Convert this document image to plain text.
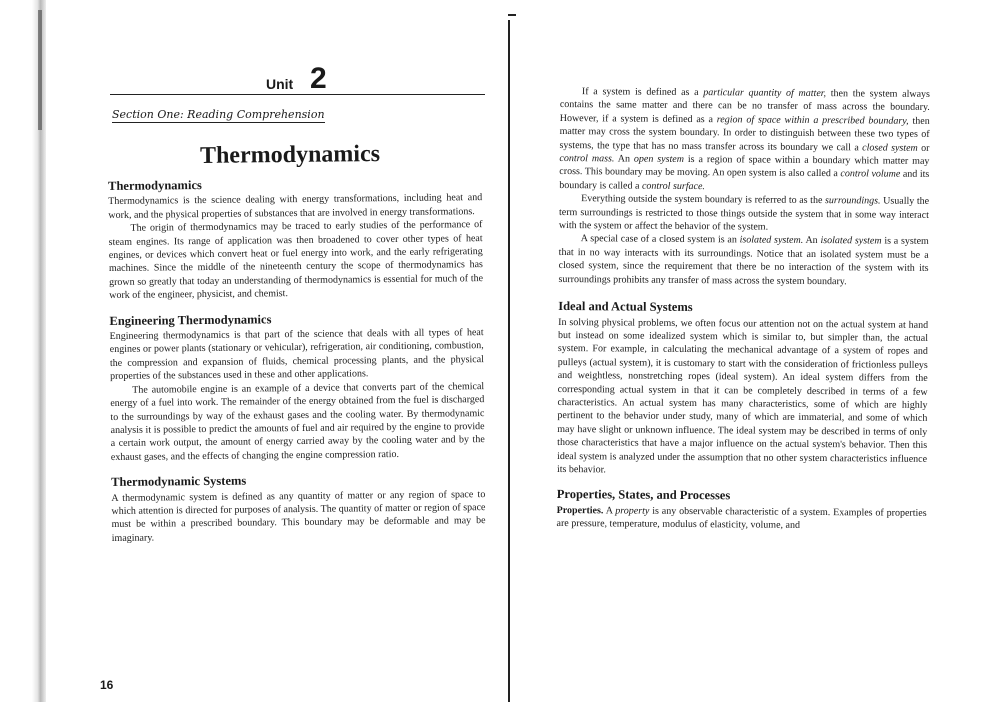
Unit 2
Section One: Reading Comprehension
Thermodynamics
Thermodynamics

Thermodynamics is the science dealing with energy transformations, including heat and work, and the physical properties of substances that are involved in energy transformations.

The origin of thermodynamics may be traced to early studies of the performance of steam engines. Its range of application was then broadened to cover other types of heat engines, or devices which convert heat or fuel energy into work, and the early refrigerating machines. Since the middle of the nineteenth century the scope of thermodynamics has grown so greatly that today an understanding of thermodynamics is essential for much of the work of the engineer, physicist, and chemist.

Engineering Thermodynamics

Engineering thermodynamics is that part of the science that deals with all types of heat engines or power plants (stationary or vehicular), refrigeration, air conditioning, combustion, the compression and expansion of fluids, chemical processing plants, and the physical properties of the substances used in these and other applications.

The automobile engine is an example of a device that converts part of the chemical energy of a fuel into work. The remainder of the energy obtained from the fuel is discharged to the surroundings by way of the exhaust gases and the cooling water. By thermodynamic analysis it is possible to predict the amounts of fuel and air required by the engine to provide a certain work output, the amount of energy carried away by the cooling water and by the exhaust gases, and the effects of changing the engine compression ratio.

Thermodynamic Systems

A thermodynamic system is defined as any quantity of matter or any region of space to which attention is directed for purposes of analysis. The quantity of matter or region of space must be within a prescribed boundary. This boundary may be deformable and may be imaginary.

16

If a system is defined as a particular quantity of matter, then the system always contains the same matter and there can be no transfer of mass across the boundary. However, if a system is defined as a region of space within a prescribed boundary, then matter may cross the system boundary. In order to distinguish between these two types of systems, the type that has no mass transfer across its boundary we call a closed system or control mass. An open system is a region of space within a boundary which matter may cross. This boundary may be moving. An open system is also called a control volume and its boundary is called a control surface.

Everything outside the system boundary is referred to as the surroundings. Usually the term surroundings is restricted to those things outside the system that in some way interact with the system or affect the behavior of the system.

A special case of a closed system is an isolated system. An isolated system is a system that in no way interacts with its surroundings. Notice that an isolated system must be a closed system, since the requirement that there be no interaction of the system with its surroundings prohibits any transfer of mass across the system boundary.

Ideal and Actual Systems

In solving physical problems, we often focus our attention not on the actual system at hand but instead on some idealized system which is similar to, but simpler than, the actual system. For example, in calculating the mechanical advantage of a system of ropes and pulleys (actual system), it is customary to start with the consideration of frictionless pulleys and weightless, nonstretching ropes (ideal system). An ideal system differs from the corresponding actual system in that it can be completely described in terms of a few characteristics. An actual system has many characteristics, some of which are highly pertinent to the behavior under study, many of which are immaterial, and some of which may have slight or unknown influence. The ideal system may be described in terms of only those characteristics that have a major influence on the actual system's behavior. Then this ideal system is analyzed under the assumption that no other system characteristics influence its behavior.

Properties, States, and Processes

Properties. A property is any observable characteristic of a system. Examples of properties are pressure, temperature, modulus of elasticity, volume, and
